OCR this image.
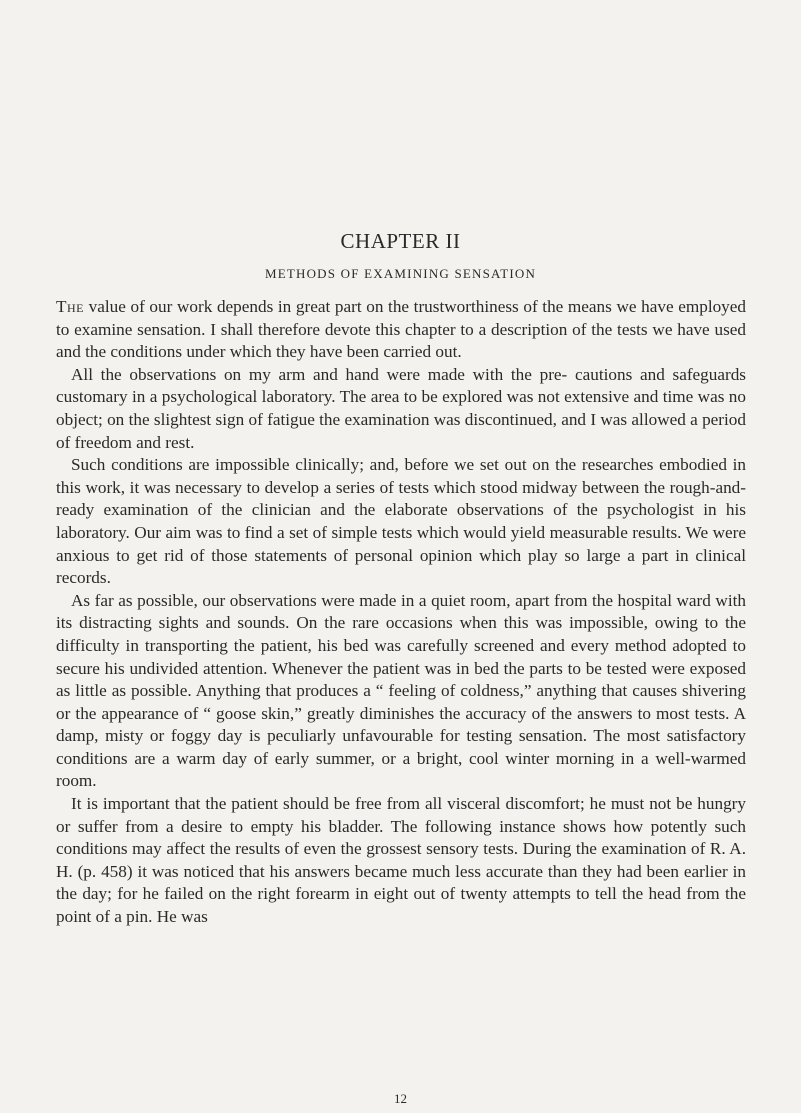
CHAPTER II
METHODS OF EXAMINING SENSATION

The value of our work depends in great part on the trustworthiness of the means we have employed to examine sensation. I shall therefore devote this chapter to a description of the tests we have used and the conditions under which they have been carried out.

All the observations on my arm and hand were made with the pre- cautions and safeguards customary in a psychological laboratory. The area to be explored was not extensive and time was no object; on the slightest sign of fatigue the examination was discontinued, and I was allowed a period of freedom and rest.

Such conditions are impossible clinically; and, before we set out on the researches embodied in this work, it was necessary to develop a series of tests which stood midway between the rough-and-ready examination of the clinician and the elaborate observations of the psychologist in his laboratory. Our aim was to find a set of simple tests which would yield measurable results. We were anxious to get rid of those statements of personal opinion which play so large a part in clinical records.

As far as possible, our observations were made in a quiet room, apart from the hospital ward with its distracting sights and sounds. On the rare occasions when this was impossible, owing to the difficulty in transporting the patient, his bed was carefully screened and every method adopted to secure his undivided attention. Whenever the patient was in bed the parts to be tested were exposed as little as possible. Anything that produces a “ feeling of coldness,” anything that causes shivering or the appearance of “ goose skin,” greatly diminishes the accuracy of the answers to most tests. A damp, misty or foggy day is peculiarly unfavourable for testing sensation. The most satisfactory conditions are a warm day of early summer, or a bright, cool winter morning in a well-warmed room.

It is important that the patient should be free from all visceral discomfort; he must not be hungry or suffer from a desire to empty his bladder. The following instance shows how potently such conditions may affect the results of even the grossest sensory tests. During the examination of R. A. H. (p. 458) it was noticed that his answers became much less accurate than they had been earlier in the day; for he failed on the right forearm in eight out of twenty attempts to tell the head from the point of a pin. He was

12
